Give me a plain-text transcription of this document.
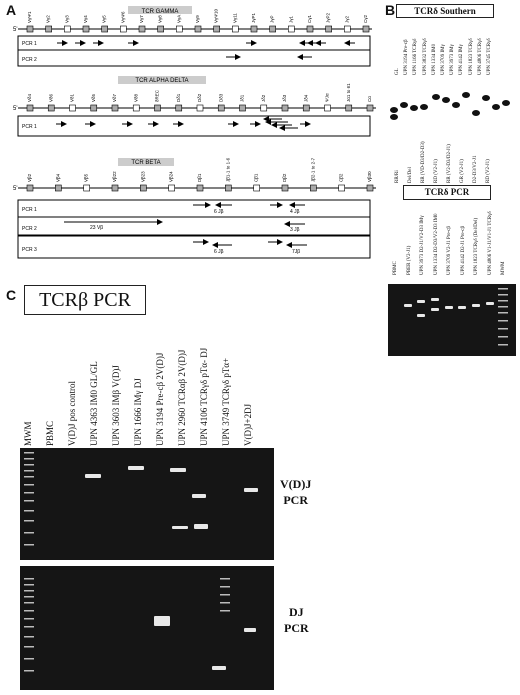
A	B
C
TCR GAMMA
5'
VγΨ1	Vγ2	Vγ3	Vγ4	Vγ5	VγΨ6	Vγ7	Vγ8	VγA	Vγ9	VγΨ10	Vγ11	JγP1	JγP	Jγ1	Cγ1	JγP2	Jγ2	Cγ2
PCR 1
PCR 2
TCR ALPHA DELTA
5'
Vδ4	Vδ6	Vδ1	Vδ5	Vδ7	Vδ8	δREC	Dδ1	Dδ2	Dδ3	Jδ1	Jδ2	Jδ3	Jδ4	ΨJα	Jα1 to 61	Cα
PCR 1
TCR BETA
5'
Vβ2	Vβ4	Vβ5	Vβ22	Vβ23	Vβ24	Dβ1	Jβ1-1 to 1-6	Cβ1	Dβ2	Jβ2-1 to 2-7	Cβ2	Vβ30
PCR 1	6 Jβ	4 Jβ
PCR 2	23 Vβ	3 Jβ
PCR 3	6 Jβ	7Jβ
TCRδ Southern
GL UPN 3194 Pre-cβ UPN 1166 TCRγδ UPN 3832 TCRγδ UPN 1334 IM0 UPN 3709 IMγ UPN 3973 IMγ UPN 4142 IMγ UPN 1823 TCRγδ UPN 4806 TCRγδ UPN 3745 TCRγδ
RR/Ri Del/Del RR (VD-D3/D2-D3) RD (V2-J1) RR (V2-D3/D2-J1) GR (V2-J1) D2-D3/V2-J1 RD (V2-J1)
TCRδ PCR
PBMC PBER (V2-J1) UPN 3973 D2-J1/V2-D3 IMγ UPN 1334 D2-D3/V2-D3 IM0 UPN 3709 V2-J1 Pre-cβ UPN 4142 D2-J1 Pre-cβ UPN 1823 TCRγδ (Del/Del) UPN 4806 V1-J1/V1-J1 TCRγδ MWM
TCRβ PCR
MWM PBMC V(D)J pos control UPN 4363 IM0 GL/GL UPN 3603 IMβ V(D)J UPN 1666 IMγ DJ UPN 3194 Pre-cβ 2V(D)J UPN 2960 TCRαβ 2V(D)J UPN 4106 TCRγδ pTα- DJ UPN 3749 TCRγδ pTα+ V(D)J+2DJ
V(D)J
PCR
DJ
PCR
